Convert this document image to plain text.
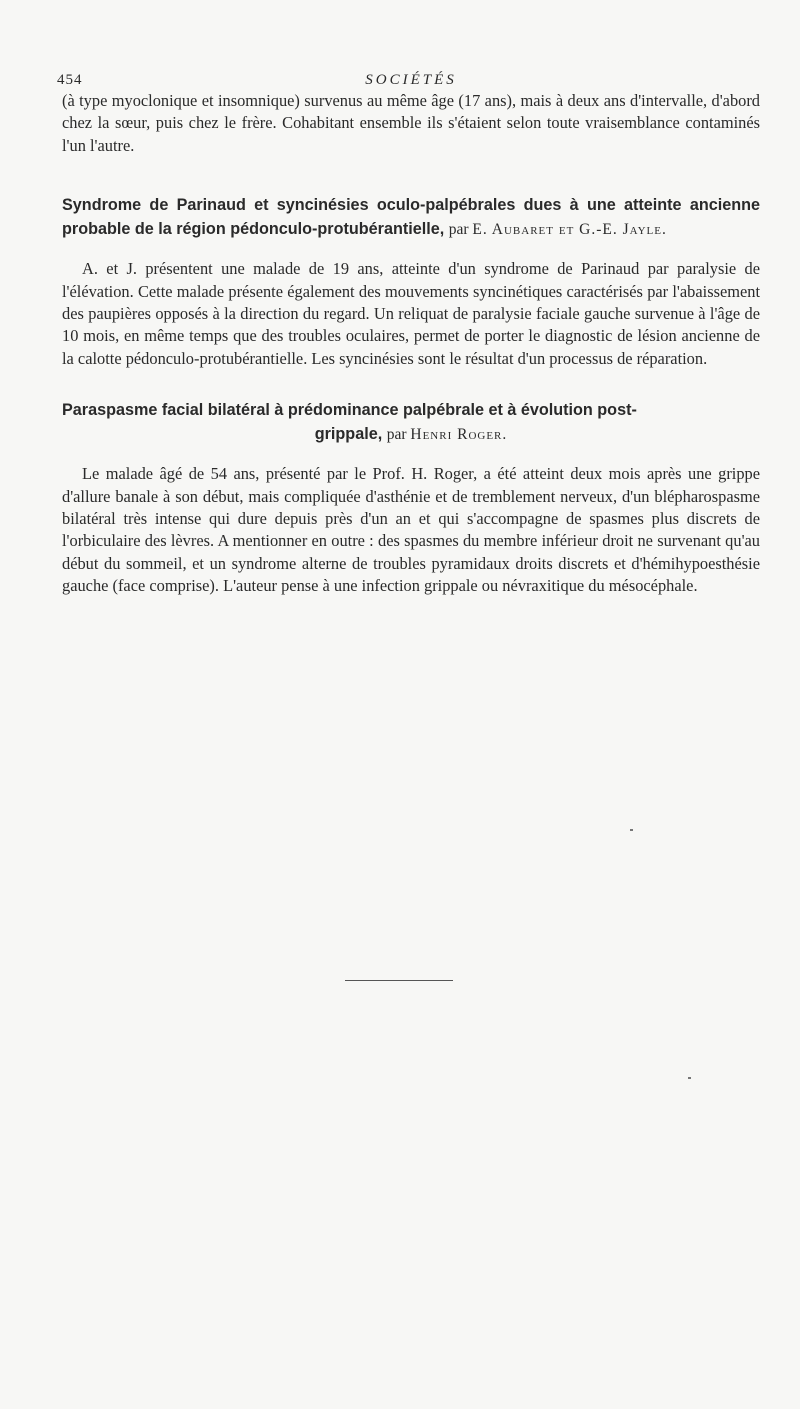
454	SOCIÉTÉS

(à type myoclonique et insomnique) survenus au même âge (17 ans), mais à deux ans d'intervalle, d'abord chez la sœur, puis chez le frère. Cohabitant ensemble ils s'étaient selon toute vraisemblance contaminés l'un l'autre.

Syndrome de Parinaud et syncinésies oculo-palpébrales dues à une atteinte ancienne probable de la région pédonculo-protubérantielle, par E. Aubaret et G.-E. Jayle.

A. et J. présentent une malade de 19 ans, atteinte d'un syndrome de Parinaud par paralysie de l'élévation. Cette malade présente également des mouvements syncinétiques caractérisés par l'abaissement des paupières opposés à la direction du regard. Un reliquat de paralysie faciale gauche survenue à l'âge de 10 mois, en même temps que des troubles oculaires, permet de porter le diagnostic de lésion ancienne de la calotte pédonculo-protubérantielle. Les syncinésies sont le résultat d'un processus de réparation.

Paraspasme facial bilatéral à prédominance palpébrale et à évolution post-
grippale, par Henri Roger.

Le malade âgé de 54 ans, présenté par le Prof. H. Roger, a été atteint deux mois après une grippe d'allure banale à son début, mais compliquée d'asthénie et de tremblement nerveux, d'un blépharospasme bilatéral très intense qui dure depuis près d'un an et qui s'accompagne de spasmes plus discrets de l'orbiculaire des lèvres. A mentionner en outre : des spasmes du membre inférieur droit ne survenant qu'au début du sommeil, et un syndrome alterne de troubles pyramidaux droits discrets et d'hémihypoesthésie gauche (face comprise). L'auteur pense à une infection grippale ou névraxitique du mésocéphale.
